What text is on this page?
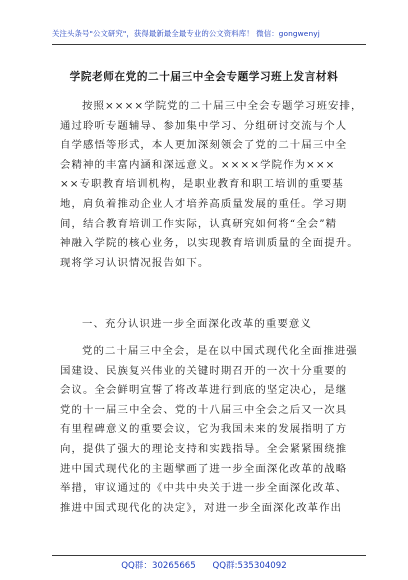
关注头条号"公文研究"，获得最新最全最专业的公文资料库！ 微信：gongwenyj
学院老师在党的二十届三中全会专题学习班上发言材料
按照××××学院党的二十届三中全会专题学习班安排，
通过聆听专题辅导、参加集中学习、分组研讨交流与个人
自学感悟等形式，本人更加深刻领会了党的二十届三中全
会精神的丰富内涵和深远意义。××××学院作为×××
××专职教育培训机构，是职业教育和职工培训的重要基
地，肩负着推动企业人才培养高质量发展的重任。学习期
间，结合教育培训工作实际，认真研究如何将“全会”精
神融入学院的核心业务，以实现教育培训质量的全面提升。
现将学习认识情况报告如下。
一、充分认识进一步全面深化改革的重要意义
党的二十届三中全会，是在以中国式现代化全面推进强
国建设、民族复兴伟业的关键时期召开的一次十分重要的
会议。全会鲜明宣誓了将改革进行到底的坚定决心，是继
党的十一届三中全会、党的十八届三中全会之后又一次具
有里程碑意义的重要会议，它为我国未来的发展指明了方
向，提供了强大的理论支持和实践指导。全会紧紧围绕推
进中国式现代化的主题擘画了进一步全面深化改革的战略
举措，审议通过的《中共中央关于进一步全面深化改革、
推进中国式现代化的决定》，对进一步全面深化改革作出
QQ群：30265665 QQ群:535304092
